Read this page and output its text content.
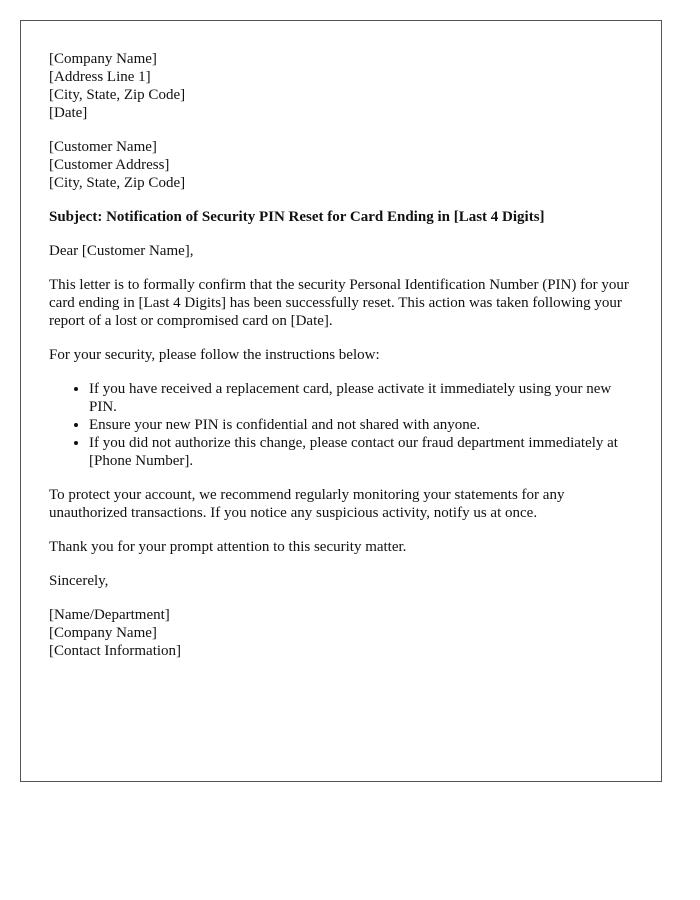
[Company Name]
[Address Line 1]
[City, State, Zip Code]
[Date]
[Customer Name]
[Customer Address]
[City, State, Zip Code]
Subject: Notification of Security PIN Reset for Card Ending in [Last 4 Digits]

Dear [Customer Name],

This letter is to formally confirm that the security Personal Identification Number (PIN) for your card ending in [Last 4 Digits] has been successfully reset. This action was taken following your report of a lost or compromised card on [Date].

For your security, please follow the instructions below:

• If you have received a replacement card, please activate it immediately using your new PIN.
• Ensure your new PIN is confidential and not shared with anyone.
• If you did not authorize this change, please contact our fraud department immediately at [Phone Number].

To protect your account, we recommend regularly monitoring your statements for any unauthorized transactions. If you notice any suspicious activity, notify us at once.

Thank you for your prompt attention to this security matter.

Sincerely,

[Name/Department]
[Company Name]
[Contact Information]
